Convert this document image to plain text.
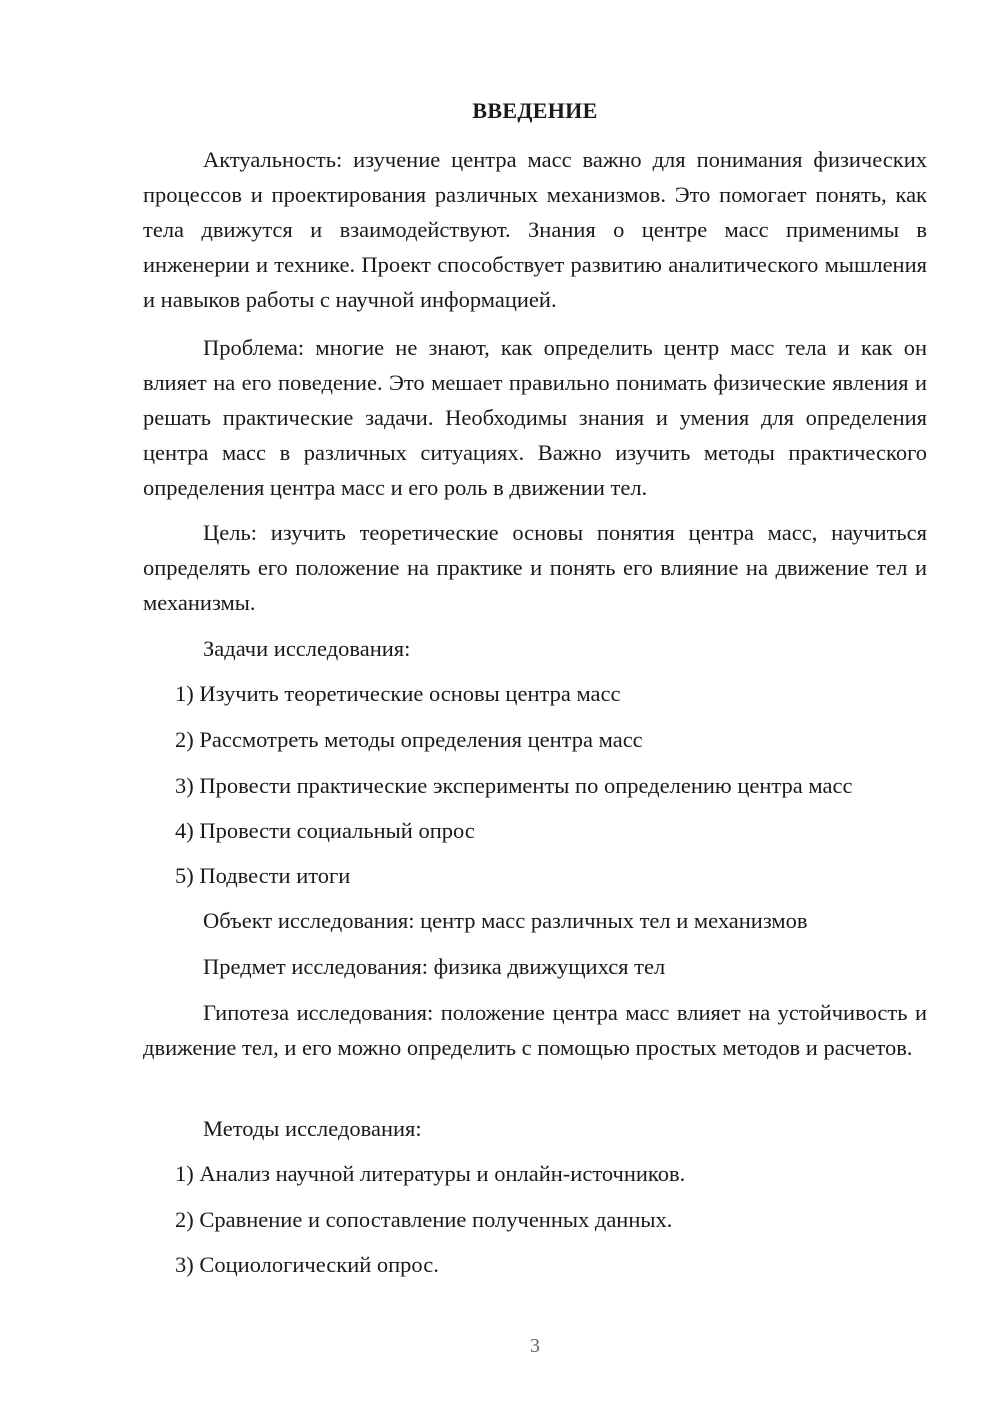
ВВЕДЕНИЕ

Актуальность: изучение центра масс важно для понимания физических процессов и проектирования различных механизмов. Это помогает понять, как тела движутся и взаимодействуют. Знания о центре масс применимы в инженерии и технике. Проект способствует развитию аналитического мышления и навыков работы с научной информацией.

Проблема: многие не знают, как определить центр масс тела и как он влияет на его поведение. Это мешает правильно понимать физические явления и решать практические задачи. Необходимы знания и умения для определения центра масс в различных ситуациях. Важно изучить методы практического определения центра масс и его роль в движении тел.

Цель: изучить теоретические основы понятия центра масс, научиться определять его положение на практике и понять его влияние на движение тел и механизмы.

Задачи исследования:

1) Изучить теоретические основы центра масс

2) Рассмотреть методы определения центра масс

3) Провести практические эксперименты по определению центра масс

4) Провести социальный опрос

5) Подвести итоги

Объект исследования: центр масс различных тел и механизмов

Предмет исследования: физика движущихся тел

Гипотеза исследования: положение центра масс влияет на устойчивость и движение тел, и его можно определить с помощью простых методов и расчетов.

Методы исследования:

1) Анализ научной литературы и онлайн-источников.

2) Сравнение и сопоставление полученных данных.

3) Социологический опрос.

3
